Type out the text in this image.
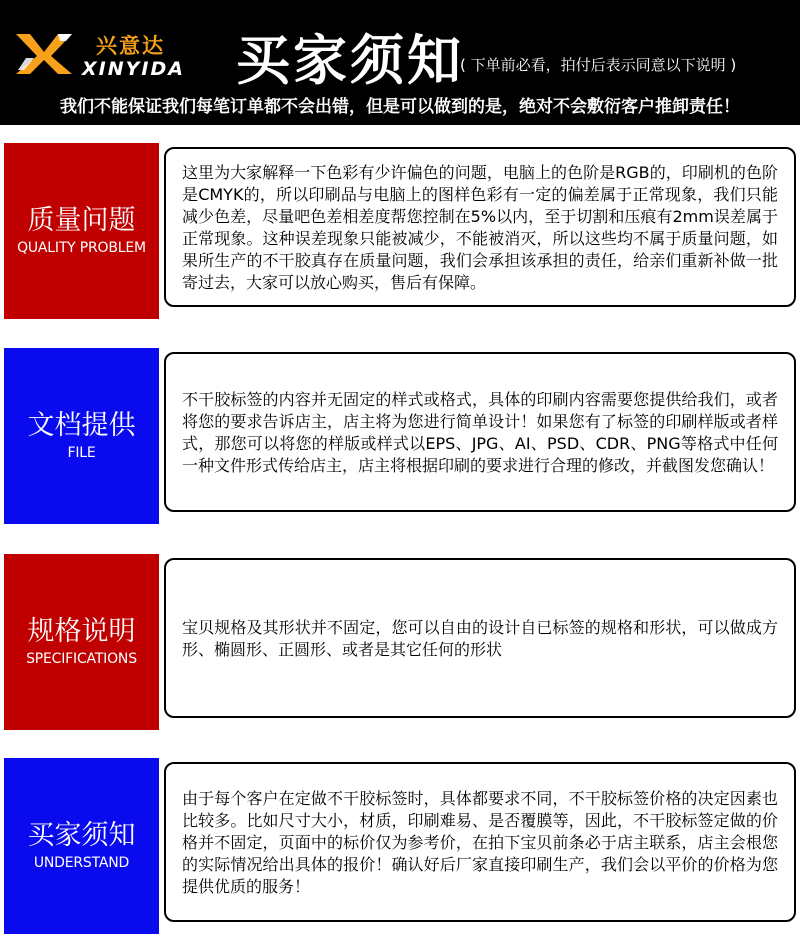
兴意达
XINYIDA 买家须知
( 下单前必看，拍付后表示同意以下说明 )
我们不能保证我们每笔订单都不会出错，但是可以做到的是，绝对不会敷衍客户推卸责任！
质量问题
QUALITY PROBLEM

这里为大家解释一下色彩有少许偏色的问题，电脑上的色阶是RGB的，印刷机的色阶是CMYK的，所以印刷品与电脑上的图样色彩有一定的偏差属于正常现象，我们只能减少色差，尽量吧色差相差度帮您控制在5%以内，至于切割和压痕有2mm误差属于正常现象。这种误差现象只能被减少，不能被消灭，所以这些均不属于质量问题，如果所生产的不干胶真存在质量问题，我们会承担该承担的责任，给亲们重新补做一批寄过去，大家可以放心购买，售后有保障。

文档提供
FILE

不干胶标签的内容并无固定的样式或格式，具体的印刷内容需要您提供给我们，或者将您的要求告诉店主，店主将为您进行简单设计！如果您有了标签的印刷样版或者样式，那您可以将您的样版或样式以EPS、JPG、AI、PSD、CDR、PNG等格式中任何一种文件形式传给店主，店主将根据印刷的要求进行合理的修改，并截图发您确认！

规格说明
SPECIFICATIONS

宝贝规格及其形状并不固定，您可以自由的设计自已标签的规格和形状，可以做成方形、椭圆形、正圆形、或者是其它任何的形状

买家须知
UNDERSTAND

由于每个客户在定做不干胶标签时，具体都要求不同，不干胶标签价格的决定因素也比较多。比如尺寸大小，材质，印刷难易、是否覆膜等，因此，不干胶标签定做的价格并不固定，页面中的标价仅为参考价，在拍下宝贝前条必于店主联系，店主会根您的实际情况给出具体的报价！确认好后厂家直接印刷生产，我们会以平价的价格为您提供优质的服务！
